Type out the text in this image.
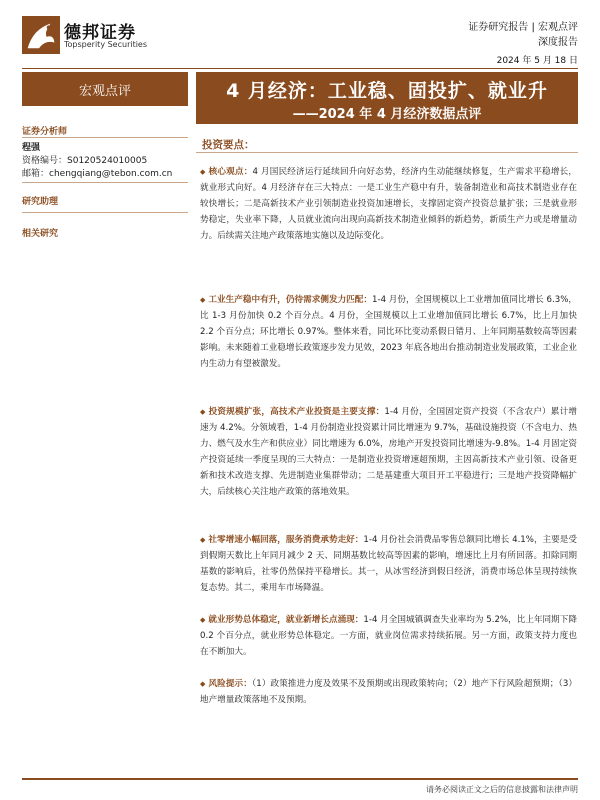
德邦证券
Topsperity Securities
证券研究报告 | 宏观点评
深度报告
2024 年 5 月 18 日
宏观点评	4 月经济：工业稳、固投扩、就业升
——2024 年 4 月经济数据点评
证券分析师
程强
资格编号：S0120524010005
邮箱：chengqiang@tebon.com.cn
研究助理
相关研究
投资要点：
◆ 核心观点：4 月国民经济运行延续回升向好态势，经济内生动能继续修复，生产需求平稳增长，就业形式向好。4 月经济存在三大特点：一是工业生产稳中有升，装备制造业和高技术制造业存在较快增长；二是高新技术产业引领制造业投资加速增长，支撑固定资产投资总量扩张；三是就业形势稳定，失业率下降，人员就业流向出现向高新技术制造业倾斜的新趋势，新质生产力或是增量动力。后续需关注地产政策落地实施以及边际变化。
◆ 工业生产稳中有升，仍待需求侧发力匹配：1-4 月份，全国规模以上工业增加值同比增长 6.3%，比 1-3 月份加快 0.2 个百分点。4 月份，全国规模以上工业增加值同比增长 6.7%，比上月加快 2.2 个百分点；环比增长 0.97%。整体来看，同比环比变动系假日错月、上年同期基数较高等因素影响。未来随着工业稳增长政策逐步发力见效，2023 年底各地出台推动制造业发展政策，工业企业内生动力有望被激发。
◆ 投资规模扩张，高技术产业投资是主要支撑：1-4 月份，全国固定资产投资（不含农户）累计增速为 4.2%。分领域看，1-4 月份制造业投资累计同比增速为 9.7%，基础设施投资（不含电力、热力、燃气及水生产和供应业）同比增速为 6.0%，房地产开发投资同比增速为-9.8%。1-4 月固定资产投资延续一季度呈现的三大特点：一是制造业投资增速超预期，主因高新技术产业引领、设备更新和技术改造支撑、先进制造业集群带动；二是基建重大项目开工平稳进行；三是地产投资降幅扩大，后续核心关注地产政策的落地效果。
◆ 社零增速小幅回落，服务消费承势走好：1-4 月份社会消费品零售总额同比增长 4.1%，主要是受到假期天数比上年同月减少 2 天、同期基数比较高等因素的影响，增速比上月有所回落。扣除同期基数的影响后，社零仍然保持平稳增长。其一，从冰雪经济到假日经济，消费市场总体呈现持续恢复态势。其二，乘用车市场降温。
◆ 就业形势总体稳定，就业新增长点涌现：1-4 月全国城镇调查失业率均为 5.2%，比上年同期下降 0.2 个百分点，就业形势总体稳定。一方面，就业岗位需求持续拓展。另一方面，政策支持力度也在不断加大。
◆ 风险提示：（1）政策推进力度及效果不及预期或出现政策转向；（2）地产下行风险超预期；（3）地产增量政策落地不及预期。
请务必阅读正文之后的信息披露和法律声明
